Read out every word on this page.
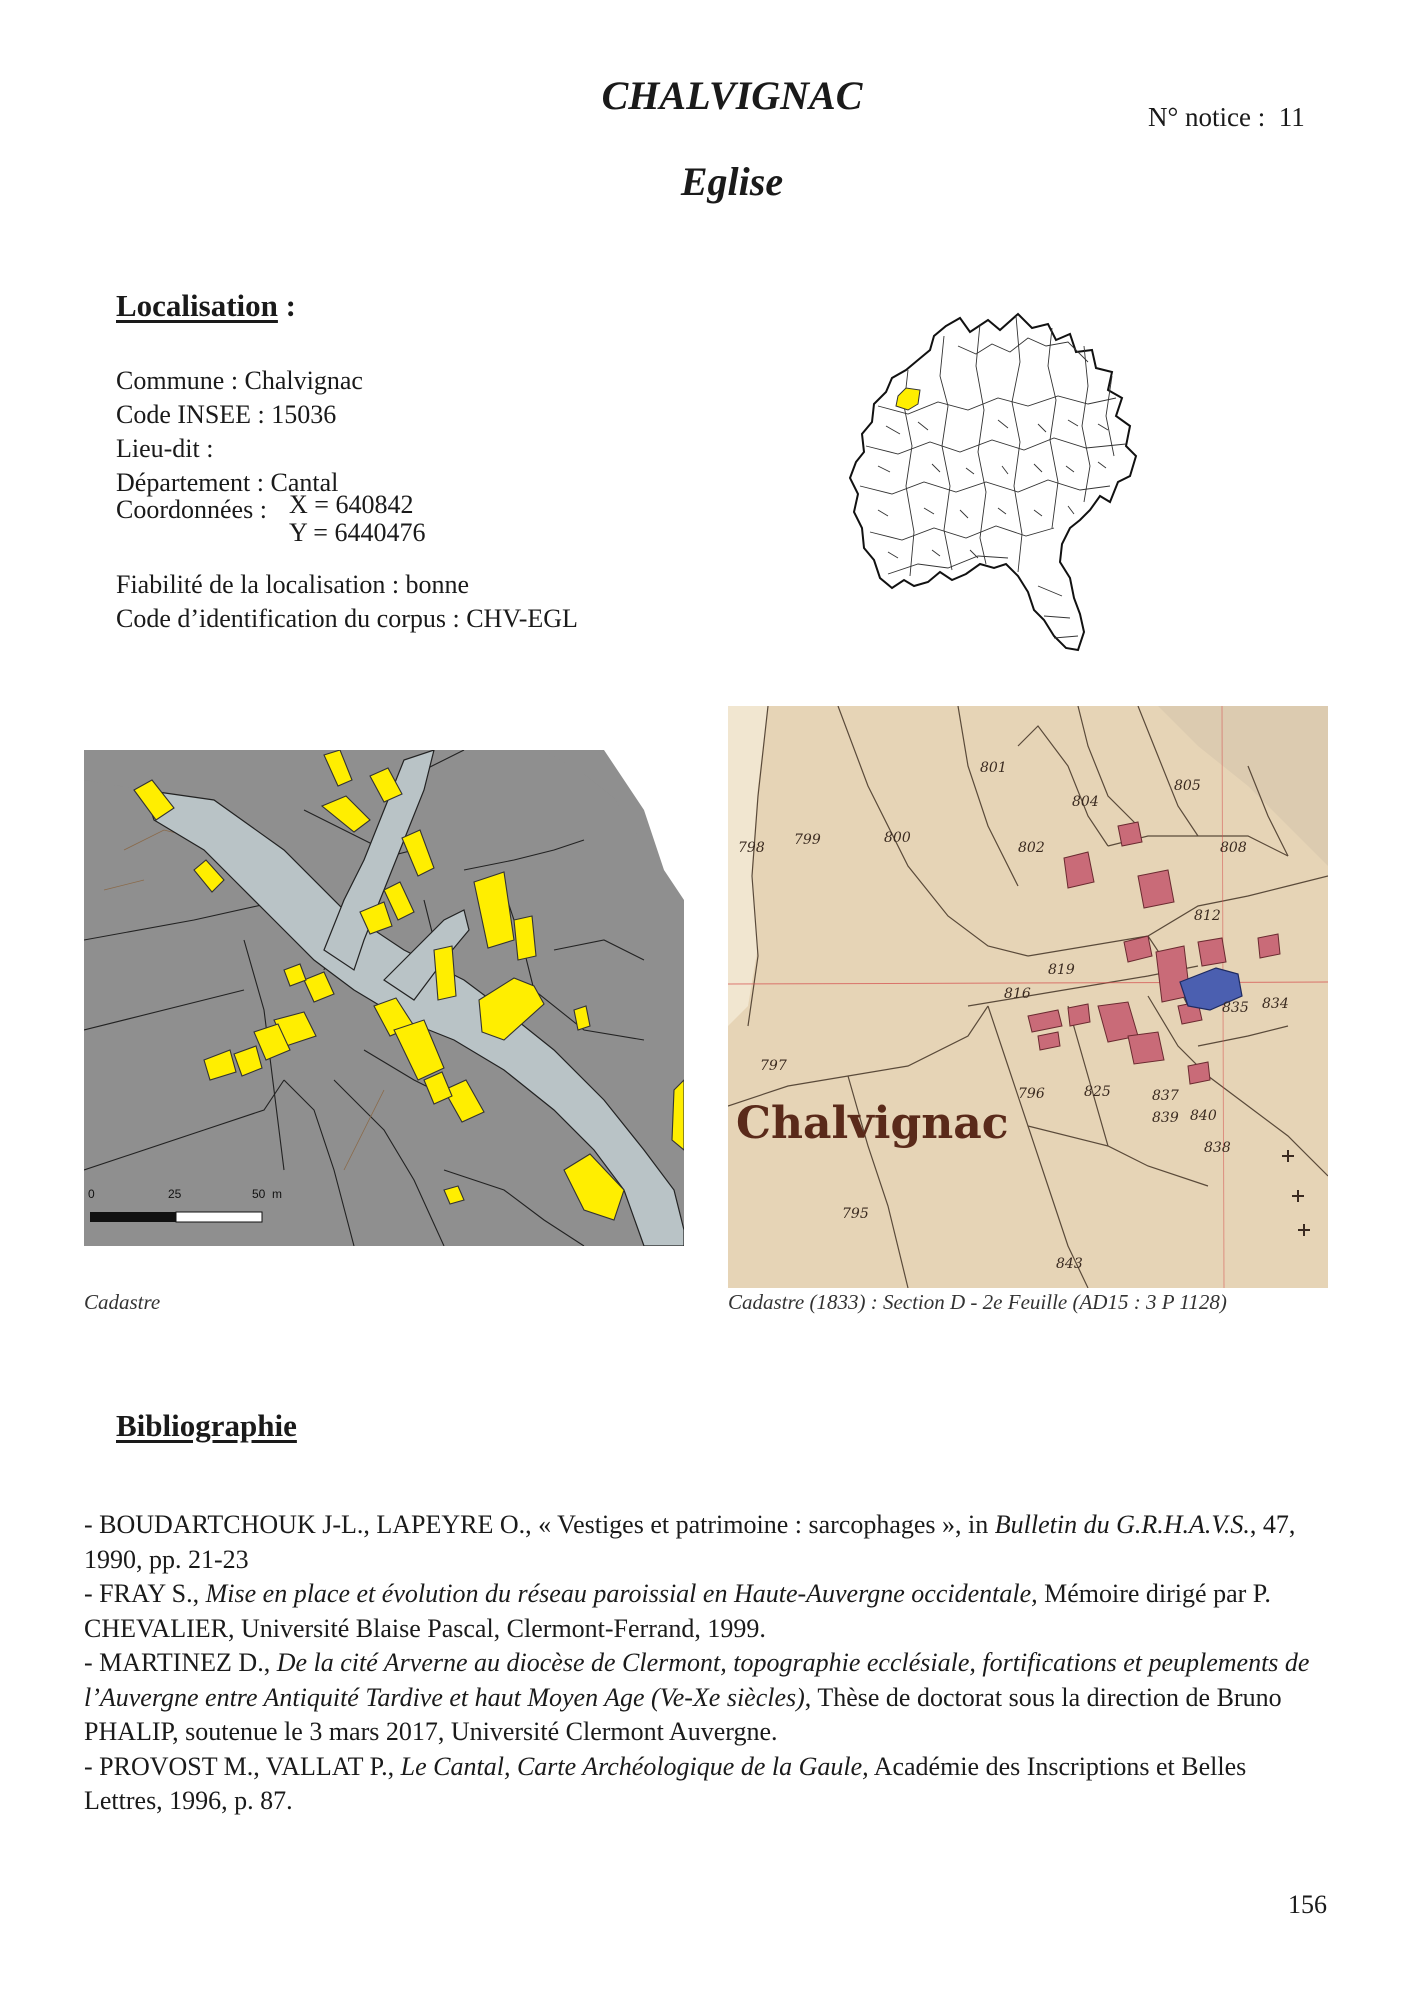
CHALVIGNAC
Eglise
N° notice : 11
Localisation :
Commune : Chalvignac
Code INSEE : 15036
Lieu-dit :
Département : Cantal
Coordonnées : X = 640842
Y = 6440476
Fiabilité de la localisation : bonne
Code d’identification du corpus : CHV-EGL
0	25	50 m
Cadastre
801
804
805
799	800
802	808
812
819
816
835 834
797
796	825
839 840
837
838
843
798
795
Chalvignac
Cadastre (1833) : Section D - 2e Feuille (AD15 : 3 P 1128)
Bibliographie

- BOUDARTCHOUK J-L., LAPEYRE O., « Vestiges et patrimoine : sarcophages », in Bulletin du G.R.H.A.V.S., 47, 1990, pp. 21-23

- FRAY S., Mise en place et évolution du réseau paroissial en Haute-Auvergne occidentale, Mémoire dirigé par P. CHEVALIER, Université Blaise Pascal, Clermont-Ferrand, 1999.

- MARTINEZ D., De la cité Arverne au diocèse de Clermont, topographie ecclésiale, fortifications et peuplements de l’Auvergne entre Antiquité Tardive et haut Moyen Age (Ve-Xe siècles), Thèse de doctorat sous la direction de Bruno PHALIP, soutenue le 3 mars 2017, Université Clermont Auvergne.

- PROVOST M., VALLAT P., Le Cantal, Carte Archéologique de la Gaule, Académie des Inscriptions et Belles Lettres, 1996, p. 87.

156
